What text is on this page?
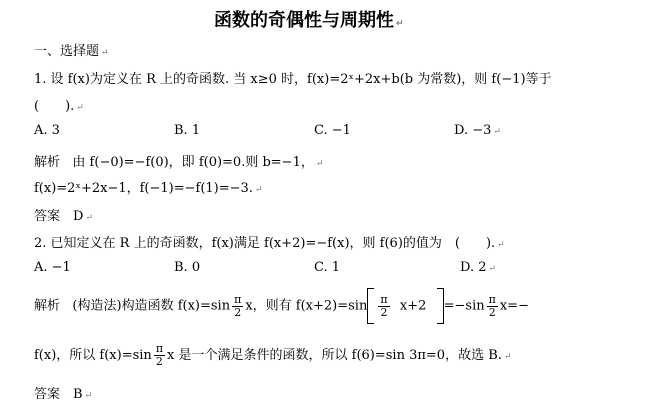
函数的奇偶性与周期性 ↵
一、选择题 ↵
1. 设 f(x)为定义在 R 上的奇函数. 当 x≥0 时，f(x)=2ˣ+2x+b(b 为常数)，则 f(−1)等于
(　　). ↵
A. 3	B. 1	C. −1	D. −3 ↵
解析 由 f(−0)=−f(0)，即 f(0)=0.则 b=−1， ↵
f(x)=2ˣ+2x−1，f(−1)=−f(1)=−3. ↵
答案　D ↵
2. 已知定义在 R 上的奇函数，f(x)满足 f(x+2)=−f(x)，则 f(6)的值为　(　　). ↵
A. −1	B. 0	C. 1	D. 2 ↵
解析 (构造法)构造函数 $f(x)=\sin \frac{\pi}{2}$ x，则有 $f(x+2)=\sin \frac{\pi}{2} x+2 =-\sin \frac{\pi}{2} x=-$
f(x)，所以 $f(x)=\sin \frac{\pi}{2}$ x 是一个满足条件的函数，所以 f(6)=sin 3π=0，故选 B. ↵
答案　B ↵
